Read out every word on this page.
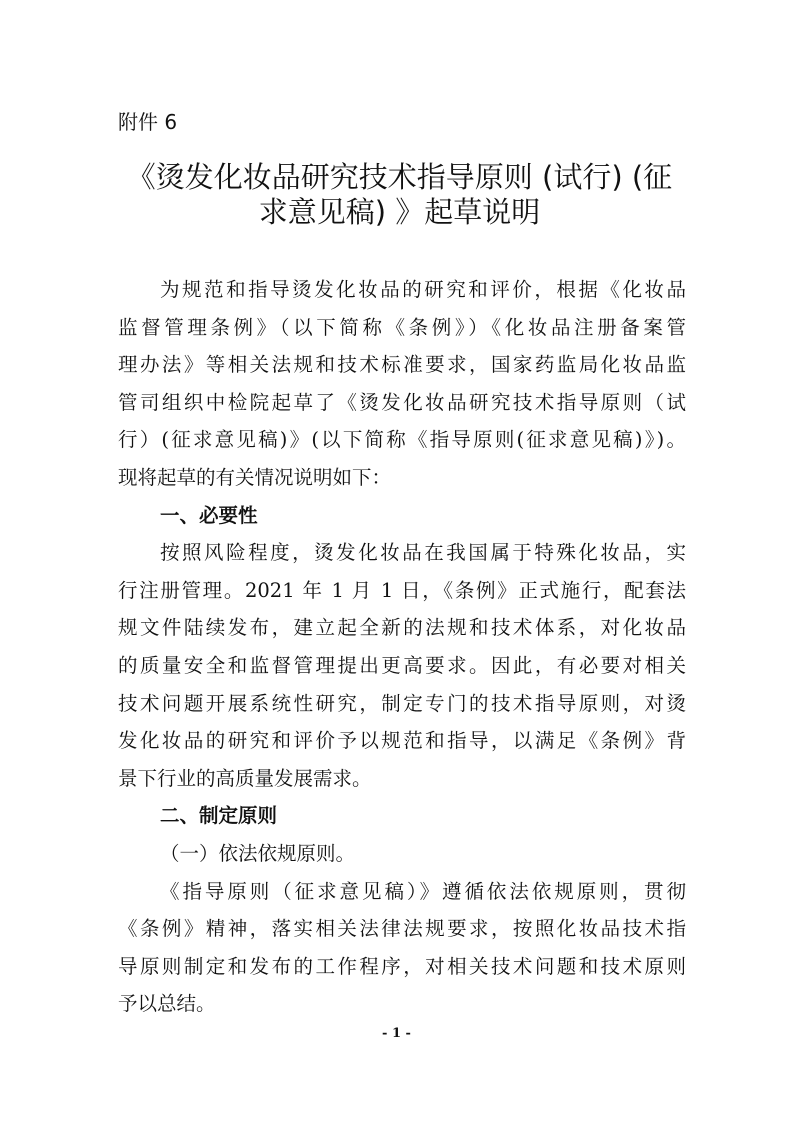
附件 6
《烫发化妆品研究技术指导原则 (试行) (征
求意见稿) 》起草说明
为规范和指导烫发化妆品的研究和评价，根据《化妆品
监督管理条例》（以下简称《条例》）《化妆品注册备案管
理办法》等相关法规和技术标准要求，国家药监局化妆品监
管司组织中检院起草了《烫发化妆品研究技术指导原则（试
行）(征求意见稿)》(以下简称《指导原则(征求意见稿)》)。
现将起草的有关情况说明如下：
一、必要性
按照风险程度，烫发化妆品在我国属于特殊化妆品，实
行注册管理。2021 年 1 月 1 日，《条例》正式施行，配套法
规文件陆续发布，建立起全新的法规和技术体系，对化妆品
的质量安全和监督管理提出更高要求。因此，有必要对相关
技术问题开展系统性研究，制定专门的技术指导原则，对烫
发化妆品的研究和评价予以规范和指导，以满足《条例》背
景下行业的高质量发展需求。
二、制定原则
（一）依法依规原则。
《指导原则（征求意见稿）》遵循依法依规原则，贯彻
《条例》精神，落实相关法律法规要求，按照化妆品技术指
导原则制定和发布的工作程序，对相关技术问题和技术原则
予以总结。
- 1 -
